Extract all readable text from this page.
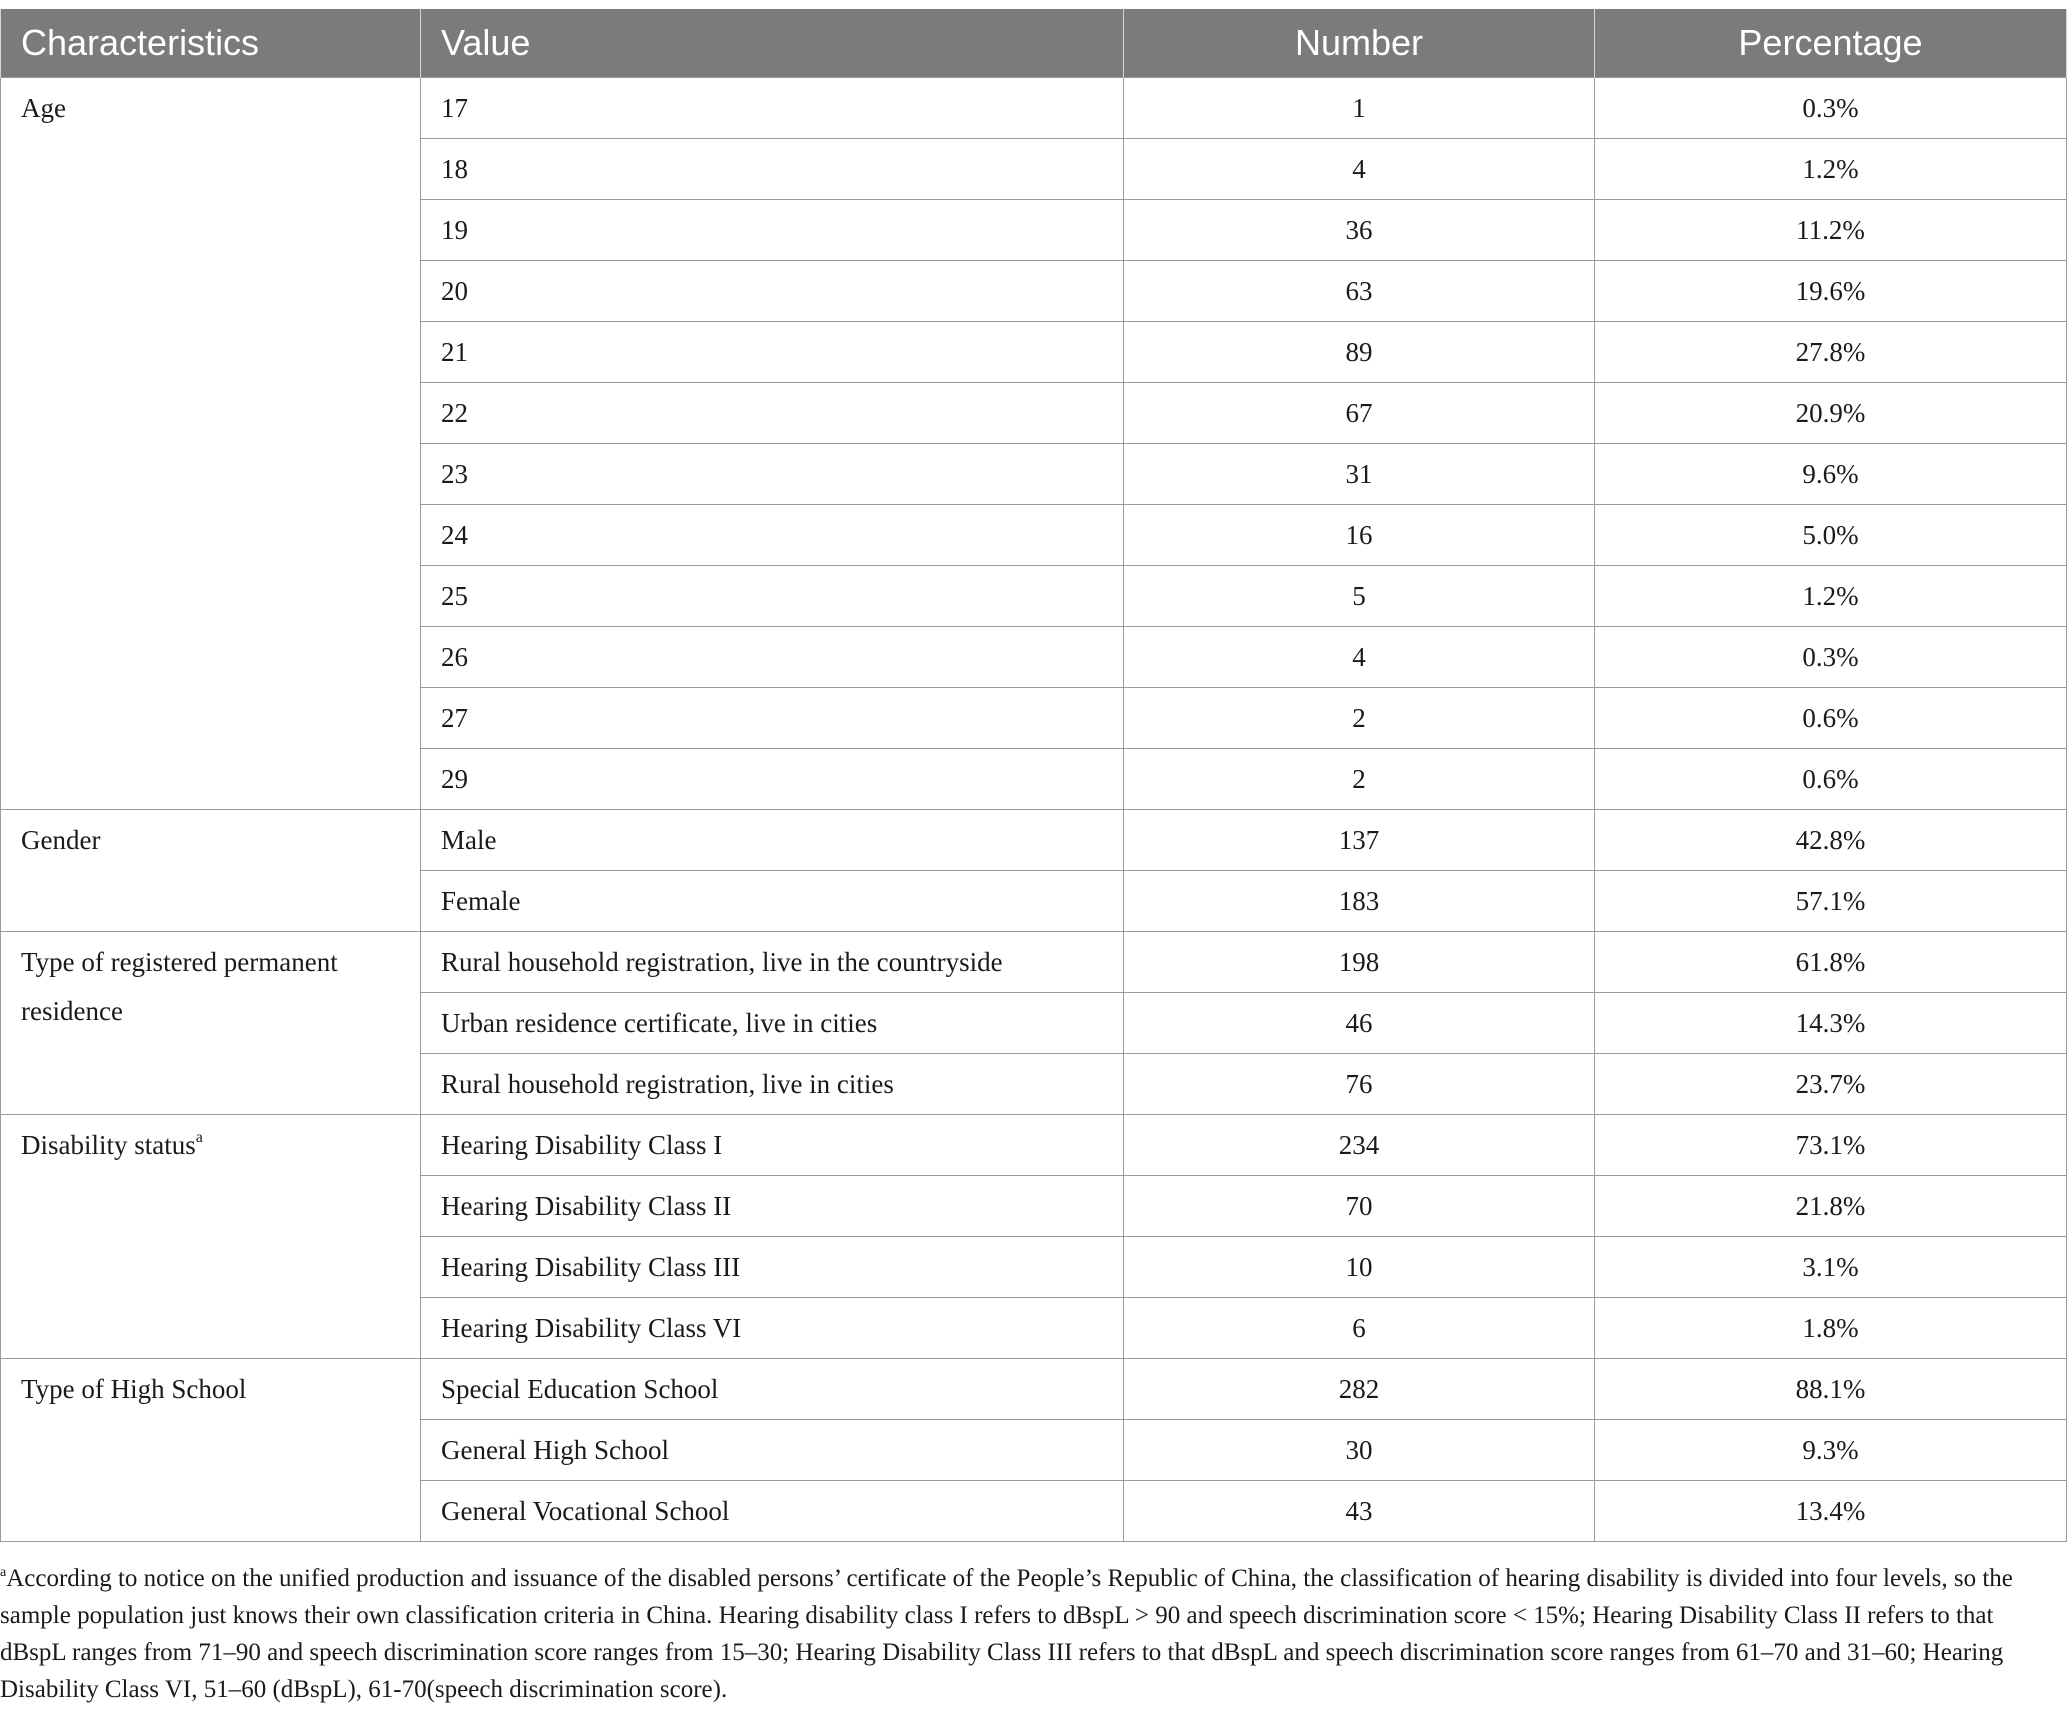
Characteristics	Value	Number	Percentage
Age	17	1	0.3%
	18	4	1.2%
	19	36	11.2%
	20	63	19.6%
	21	89	27.8%
	22	67	20.9%
	23	31	9.6%
	24	16	5.0%
	25	5	1.2%
	26	4	0.3%
	27	2	0.6%
	29	2	0.6%
Gender	Male	137	42.8%
	Female	183	57.1%
Type of registered permanent residence	Rural household registration, live in the countryside	198	61.8%
	Urban residence certificate, live in cities	46	14.3%
	Rural household registration, live in cities	76	23.7%
Disability status$^a$	Hearing Disability Class I	234	73.1%
	Hearing Disability Class II	70	21.8%
	Hearing Disability Class III	10	3.1%
	Hearing Disability Class VI	6	1.8%
Type of High School	Special Education School	282	88.1%
	General High School	30	9.3%
	General Vocational School	43	13.4%
$^a$According to notice on the unified production and issuance of the disabled persons’ certificate of the People’s Republic of China, the classification of hearing disability is divided into four levels, so the sample population just knows their own classification criteria in China. Hearing disability class I refers to dBspL > 90 and speech discrimination score < 15%; Hearing Disability Class II refers to that dBspL ranges from 71–90 and speech discrimination score ranges from 15–30; Hearing Disability Class III refers to that dBspL and speech discrimination score ranges from 61–70 and 31–60; Hearing Disability Class VI, 51–60 (dBspL), 61-70(speech discrimination score).
